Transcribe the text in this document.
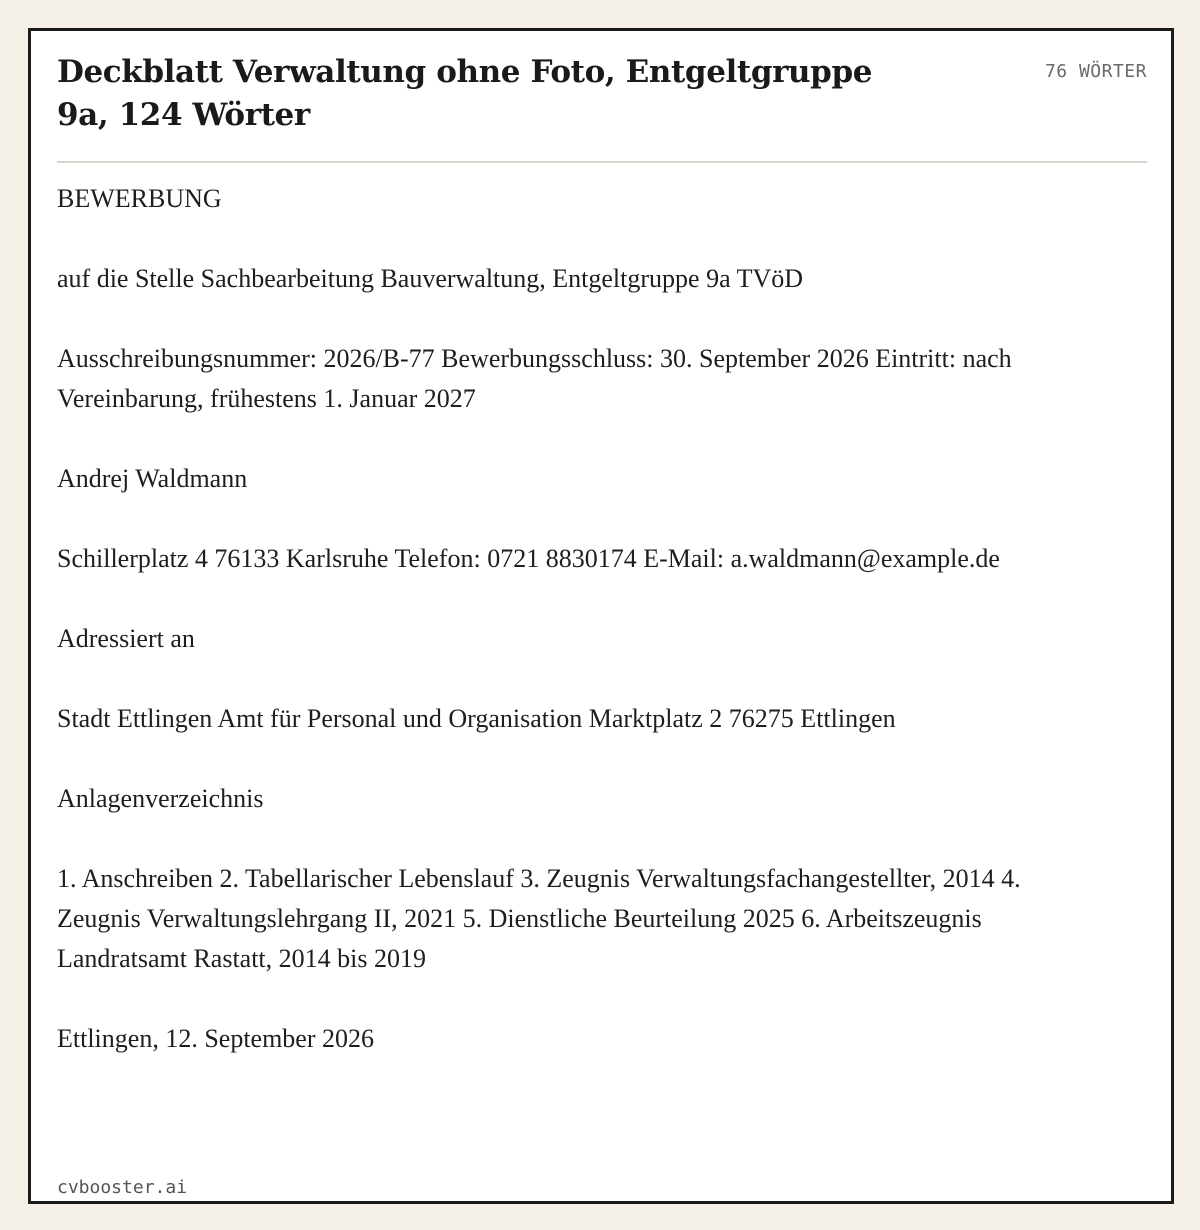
Deckblatt Verwaltung ohne Foto, Entgeltgruppe 9a, 124 Wörter
76 WÖRTER

BEWERBUNG

auf die Stelle Sachbearbeitung Bauverwaltung, Entgeltgruppe 9a TVöD

Ausschreibungsnummer: 2026/B-77 Bewerbungsschluss: 30. September 2026 Eintritt: nach Vereinbarung, frühestens 1. Januar 2027

Andrej Waldmann

Schillerplatz 4 76133 Karlsruhe Telefon: 0721 8830174 E-Mail: a.waldmann@example.de

Adressiert an

Stadt Ettlingen Amt für Personal und Organisation Marktplatz 2 76275 Ettlingen

Anlagenverzeichnis

1. Anschreiben 2. Tabellarischer Lebenslauf 3. Zeugnis Verwaltungsfachangestellter, 2014 4. Zeugnis Verwaltungslehrgang II, 2021 5. Dienstliche Beurteilung 2025 6. Arbeitszeugnis Landratsamt Rastatt, 2014 bis 2019

Ettlingen, 12. September 2026

cvbooster.ai
